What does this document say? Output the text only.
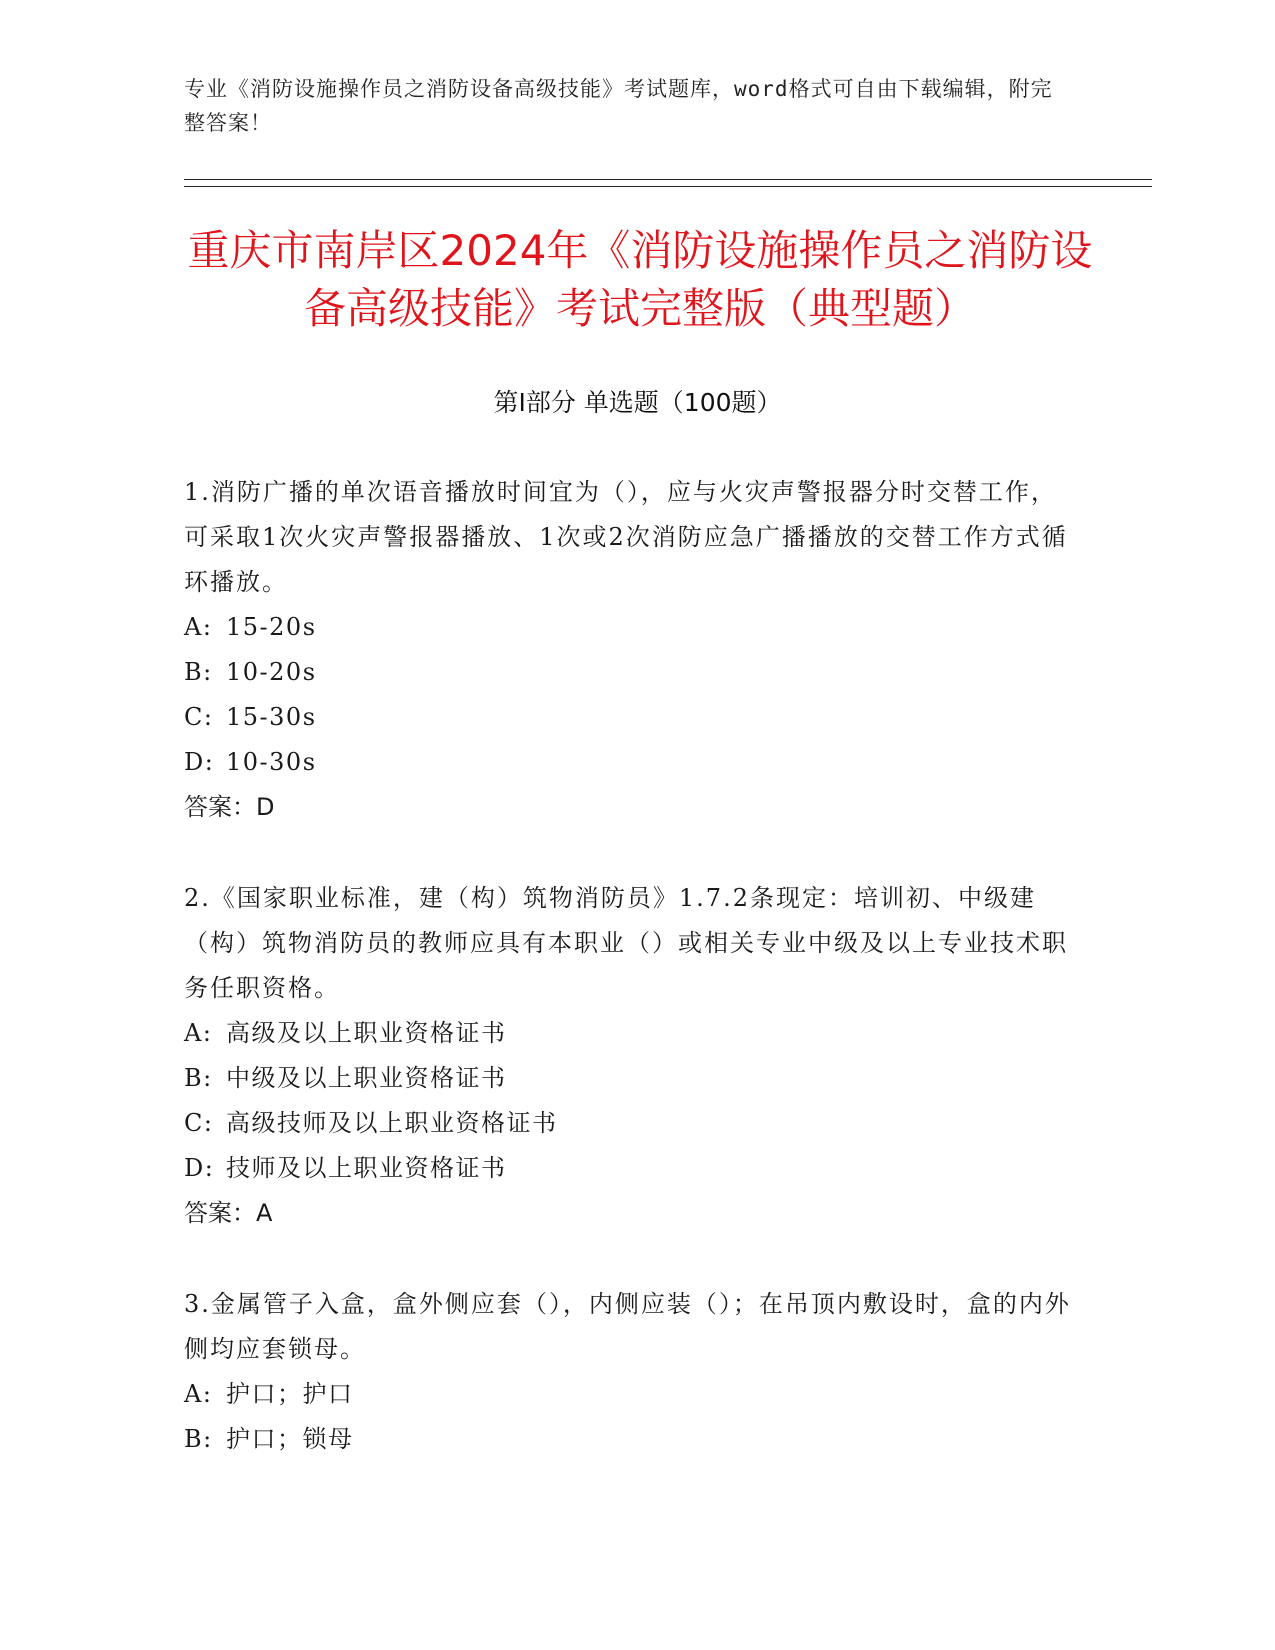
专业《消防设施操作员之消防设备高级技能》考试题库，word格式可自由下载编辑，附完整答案！
重庆市南岸区2024年《消防设施操作员之消防设备高级技能》考试完整版（典型题）
第I部分 单选题（100题）

1.消防广播的单次语音播放时间宜为（），应与火灾声警报器分时交替工作，可采取1次火灾声警报器播放、1次或2次消防应急广播播放的交替工作方式循环播放。

A: 15-20s

B: 10-20s

C: 15-30s

D: 10-30s

答案：D

2.《国家职业标准，建（构）筑物消防员》1.7.2条现定：培训初、中级建（构）筑物消防员的教师应具有本职业（）或相关专业中级及以上专业技术职务任职资格。

A: 高级及以上职业资格证书

B: 中级及以上职业资格证书

C: 高级技师及以上职业资格证书

D: 技师及以上职业资格证书

答案：A

3.金属管子入盒，盒外侧应套（），内侧应装（）；在吊顶内敷设时，盒的内外侧均应套锁母。

A: 护口；护口

B: 护口；锁母
